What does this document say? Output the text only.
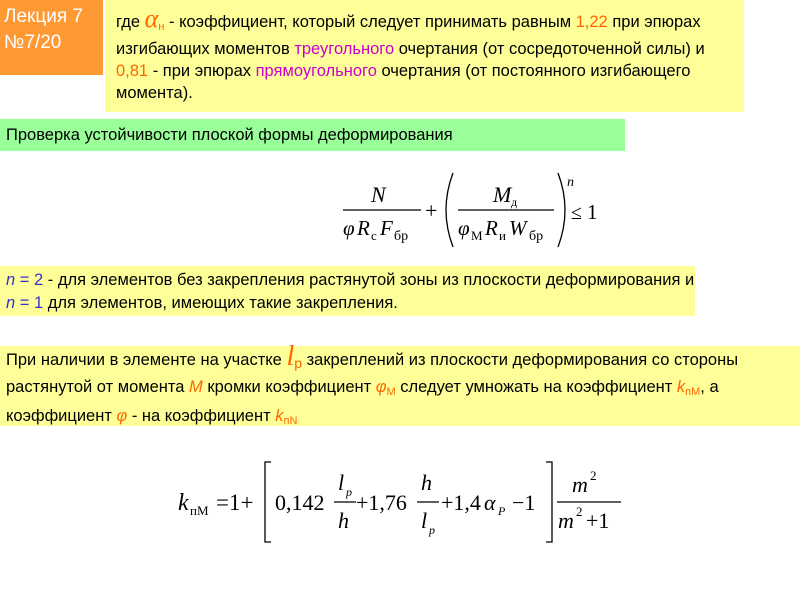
Лекция 7
№7/20
где $\alpha_н$ - коэффициент, который следует принимать равным 1,22 при эпюрах изгибающих моментов треугольного очертания (от сосредоточенной силы) и 0,81 - при эпюрах прямоугольного очертания (от постоянного изгибающего момента).
Проверка устойчивости плоской формы деформирования
N
φ R c F бр
+
M д
φ M R и W бр
n
≤ 1
n = 2 - для элементов без закрепления растянутой зоны из плоскости деформирования и n = 1 для элементов, имеющих такие закрепления.
При наличии в элементе на участке $l_p$ закреплений из плоскости деформирования со стороны растянутой от момента M кромки коэффициент $\varphi_M$ следует умножать на коэффициент $k_{пМ}$, а коэффициент φ - на коэффициент $k_{пN}$
k пМ =1+ 0,142
l p
h
+1,76
h
l p
+1,4 α P −1
m 2
m 2 +1
